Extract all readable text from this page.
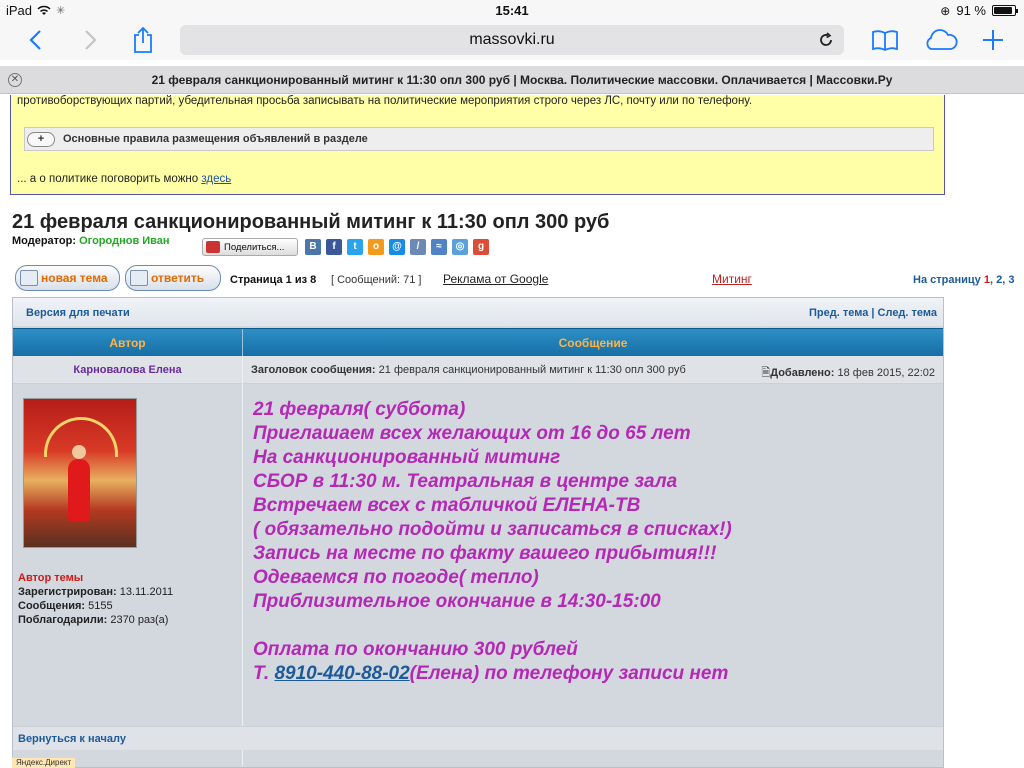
iPad ✳	15:41	⊕ 91 %
massovki.ru
✕	21 февраля санкционированный митинг к 11:30 опл 300 руб | Москва. Политические массовки. Оплачивается | Массовки.Ру
противоборствующих партий, убедительная просьба записывать на политические мероприятия строго через ЛС, почту или по телефону.
+	Основные правила размещения объявлений в разделе
... а о политике поговорить можно здесь
21 февраля санкционированный митинг к 11:30 опл 300 руб
Модератор: Огороднов Иван	Поделиться...	B	f	t	o	@	/	≈	◎	g
новая тема	ответить Страница 1 из 8 [ Сообщений: 71 ] Реклама от Google	Митинг	На страницу 1, 2, 3
Версия для печати	Пред. тема | След. тема
Автор	Сообщение
Карновалова Елена	Заголовок сообщения: 21 февраля санкционированный митинг к 11:30 опл 300 руб	🗎Добавлено: 18 фев 2015, 22:02
Автор темы
Зарегистрирован: 13.11.2011
Сообщения: 5155
Поблагодарили: 2370 раз(а)
21 февраля( суббота)
Приглашаем всех желающих от 16 до 65 лет
На санкционированный митинг
СБОР в 11:30 м. Театральная в центре зала
Встречаем всех с табличкой ЕЛЕНА-ТВ
( обязательно подойти и записаться в списках!)
Запись на месте по факту вашего прибытия!!!
Одеваемся по погоде( тепло)
Приблизительное окончание в 14:30-15:00
Оплата по окончанию 300 рублей
Т. 8910-440-88-02(Елена) по телефону записи нет
Вернуться к началу
Яндекс.Директ
